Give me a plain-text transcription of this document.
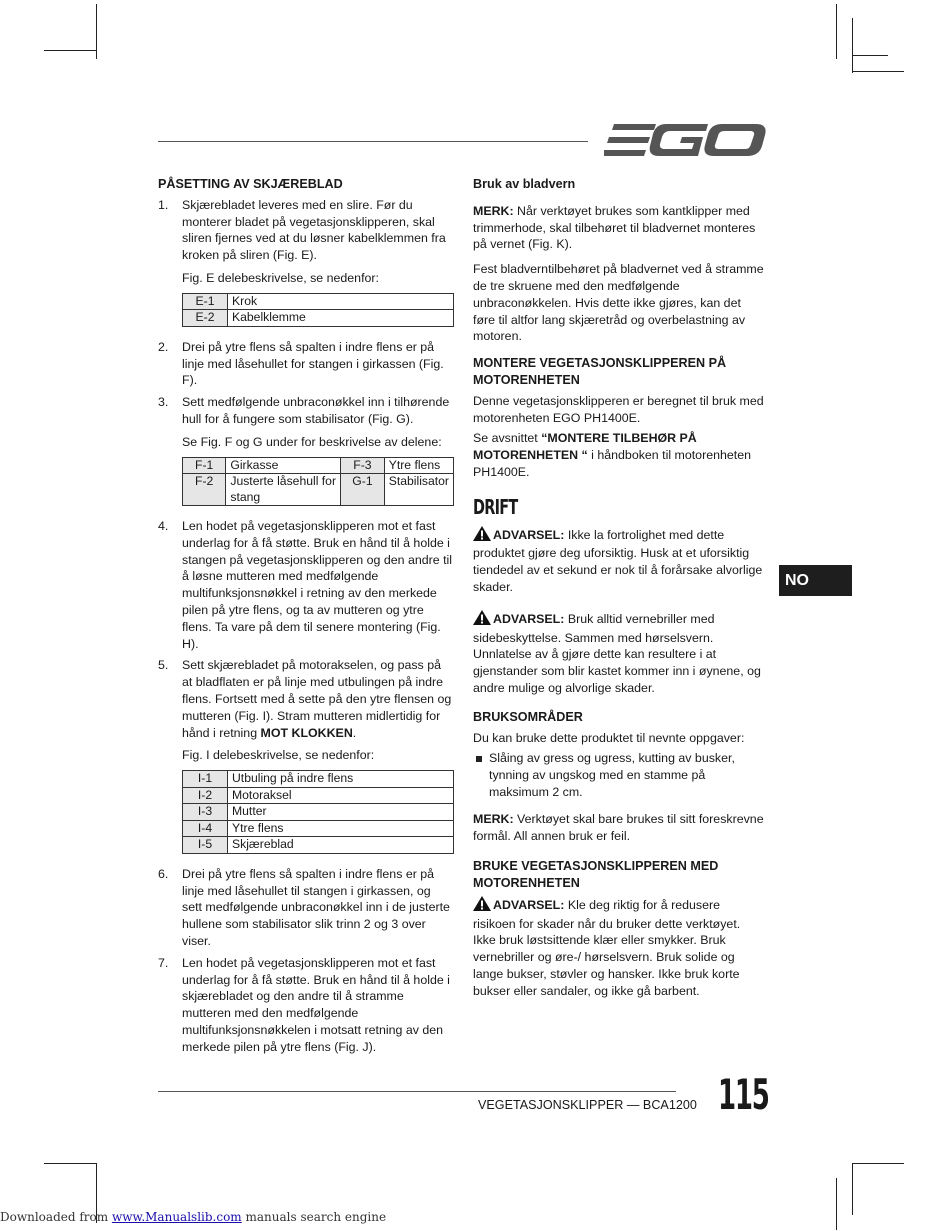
PÅSETTING AV SKJÆREBLAD
1. Skjærebladet leveres med en slire. Før du monterer bladet på vegetasjonsklipperen, skal sliren fjernes ved at du løsner kabelklemmen fra kroken på sliren (Fig. E).
Fig. E delebeskrivelse, se nedenfor:
E-1	Krok
E-2	Kabelklemme
2. Drei på ytre flens så spalten i indre flens er på linje med låsehullet for stangen i girkassen (Fig. F).
3. Sett medfølgende unbraconøkkel inn i tilhørende hull for å fungere som stabilisator (Fig. G).
Se Fig. F og G under for beskrivelse av delene:
F-1	Girkasse	F-3	Ytre flens
F-2	Justerte låsehull for stang	G-1	Stabilisator
4. Len hodet på vegetasjonsklipperen mot et fast underlag for å få støtte. Bruk en hånd til å holde i stangen på vegetasjonsklipperen og den andre til å løsne mutteren med medfølgende multifunksjonsnøkkel i retning av den merkede pilen på ytre flens, og ta av mutteren og ytre flens. Ta vare på dem til senere montering (Fig. H).
5. Sett skjærebladet på motorakselen, og pass på at bladflaten er på linje med utbulingen på indre flens. Fortsett med å sette på den ytre flensen og mutteren (Fig. I). Stram mutteren midlertidig for hånd i retning MOT KLOKKEN.
Fig. I delebeskrivelse, se nedenfor:
I-1	Utbuling på indre flens
I-2	Motoraksel
I-3	Mutter
I-4	Ytre flens
I-5	Skjæreblad
6. Drei på ytre flens så spalten i indre flens er på linje med låsehullet til stangen i girkassen, og sett medfølgende unbraconøkkel inn i de justerte hullene som stabilisator slik trinn 2 og 3 over viser.
7. Len hodet på vegetasjonsklipperen mot et fast underlag for å få støtte. Bruk en hånd til å holde i skjærebladet og den andre til å stramme mutteren med den medfølgende multifunksjonsnøkkelen i motsatt retning av den merkede pilen på ytre flens (Fig. J).
Bruk av bladvern

MERK: Når verktøyet brukes som kantklipper med trimmerhode, skal tilbehøret til bladvernet monteres på vernet (Fig. K).

Fest bladverntilbehøret på bladvernet ved å stramme de tre skruene med den medfølgende unbraconøkkelen. Hvis dette ikke gjøres, kan det føre til altfor lang skjæretråd og overbelastning av motoren.

MONTERE VEGETASJONSKLIPPEREN PÅ MOTORENHETEN

Denne vegetasjonsklipperen er beregnet til bruk med motorenheten EGO PH1400E.

Se avsnittet “MONTERE TILBEHØR PÅ MOTORENHETEN “ i håndboken til motorenheten PH1400E.

DRIFT

ADVARSEL: Ikke la fortrolighet med dette produktet gjøre deg uforsiktig. Husk at et uforsiktig tiendedel av et sekund er nok til å forårsake alvorlige skader.

ADVARSEL: Bruk alltid vernebriller med sidebeskyttelse. Sammen med hørselsvern. Unnlatelse av å gjøre dette kan resultere i at gjenstander som blir kastet kommer inn i øynene, og andre mulige og alvorlige skader.

BRUKSOMRÅDER

Du kan bruke dette produktet til nevnte oppgaver:

Slåing av gress og ugress, kutting av busker, tynning av ungskog med en stamme på maksimum 2 cm.

MERK: Verktøyet skal bare brukes til sitt foreskrevne formål. All annen bruk er feil.

BRUKE VEGETASJONSKLIPPEREN MED MOTORENHETEN

ADVARSEL: Kle deg riktig for å redusere risikoen for skader når du bruker dette verktøyet. Ikke bruk løstsittende klær eller smykker. Bruk vernebriller og øre-/ hørselsvern. Bruk solide og lange bukser, støvler og hansker. Ikke bruk korte bukser eller sandaler, og ikke gå barbent.

NO
VEGETASJONSKLIPPER — BCA1200 115
Downloaded from www.Manualslib.com manuals search engine
